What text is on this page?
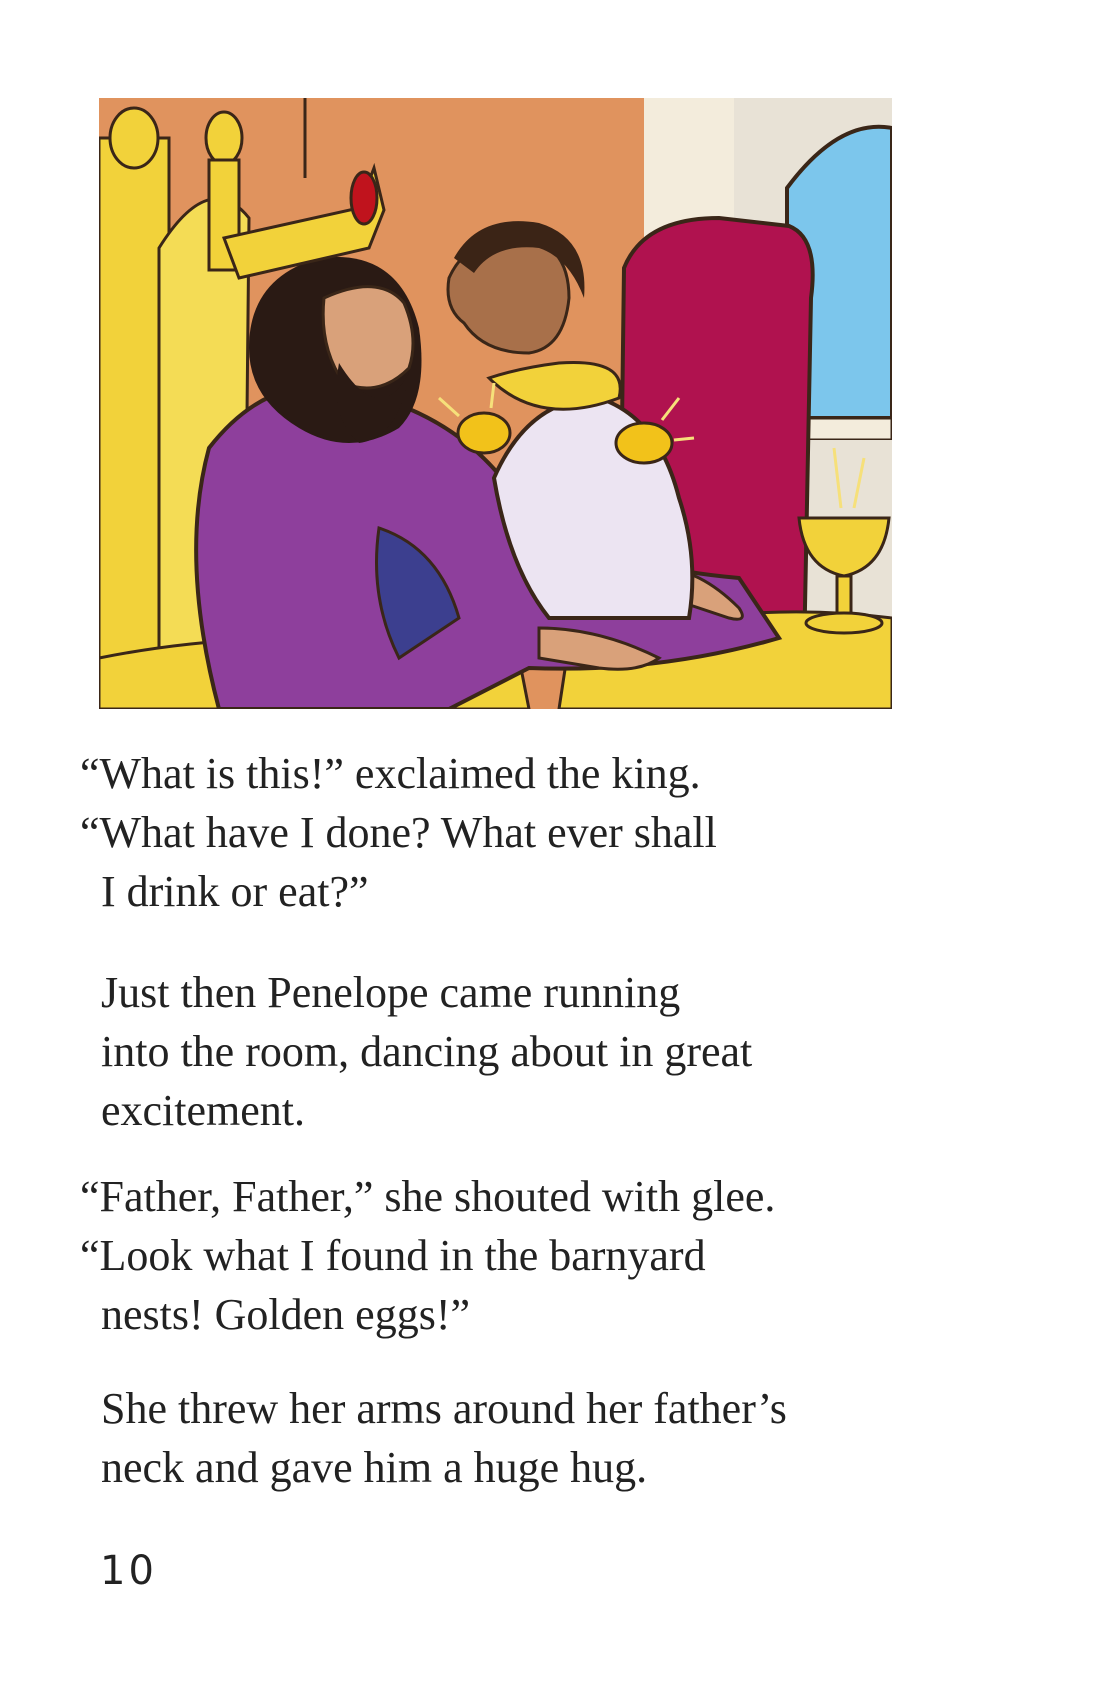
“What is this!” exclaimed the king.
“What have I done? What ever shall
I drink or eat?”

Just then Penelope came running
into the room, dancing about in great
excitement.

“Father, Father,” she shouted with glee.
“Look what I found in the barnyard
nests! Golden eggs!”

She threw her arms around her father’s
neck and gave him a huge hug.

10
